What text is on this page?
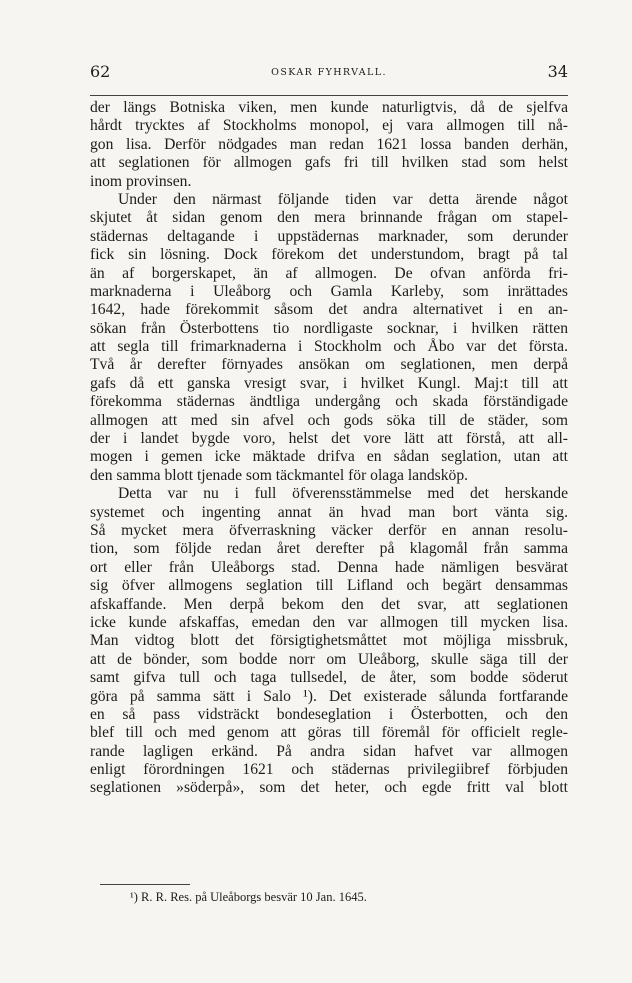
62	OSKAR FYHRVALL.	34
der längs Botniska viken, men kunde naturligtvis, då de sjelfva
hårdt trycktes af Stockholms monopol, ej vara allmogen till nå-
gon lisa. Derför nödgades man redan 1621 lossa banden derhän,
att seglationen för allmogen gafs fri till hvilken stad som helst
inom provinsen.
Under den närmast följande tiden var detta ärende något
skjutet åt sidan genom den mera brinnande frågan om stapel-
städernas deltagande i uppstädernas marknader, som derunder
fick sin lösning. Dock förekom det understundom, bragt på tal
än af borgerskapet, än af allmogen. De ofvan anförda fri-
marknaderna i Uleåborg och Gamla Karleby, som inrättades
1642, hade förekommit såsom det andra alternativet i en an-
sökan från Österbottens tio nordligaste socknar, i hvilken rätten
att segla till frimarknaderna i Stockholm och Åbo var det första.
Två år derefter förnyades ansökan om seglationen, men derpå
gafs då ett ganska vresigt svar, i hvilket Kungl. Maj:t till att
förekomma städernas ändtliga undergång och skada förständigade
allmogen att med sin afvel och gods söka till de städer, som
der i landet bygde voro, helst det vore lätt att förstå, att all-
mogen i gemen icke mäktade drifva en sådan seglation, utan att
den samma blott tjenade som täckmantel för olaga landsköp.
Detta var nu i full öfverensstämmelse med det herskande
systemet och ingenting annat än hvad man bort vänta sig.
Så mycket mera öfverraskning väcker derför en annan resolu-
tion, som följde redan året derefter på klagomål från samma
ort eller från Uleåborgs stad. Denna hade nämligen besvärat
sig öfver allmogens seglation till Lifland och begärt densammas
afskaffande. Men derpå bekom den det svar, att seglationen
icke kunde afskaffas, emedan den var allmogen till mycken lisa.
Man vidtog blott det försigtighetsmåttet mot möjliga missbruk,
att de bönder, som bodde norr om Uleåborg, skulle säga till der
samt gifva tull och taga tullsedel, de åter, som bodde söderut
göra på samma sätt i Salo ¹). Det existerade sålunda fortfarande
en så pass vidsträckt bondeseglation i Österbotten, och den
blef till och med genom att göras till föremål för officielt regle-
rande lagligen erkänd. På andra sidan hafvet var allmogen
enligt förordningen 1621 och städernas privilegiibref förbjuden
seglationen »söderpå», som det heter, och egde fritt val blott
¹) R. R. Res. på Uleåborgs besvär 10 Jan. 1645.
